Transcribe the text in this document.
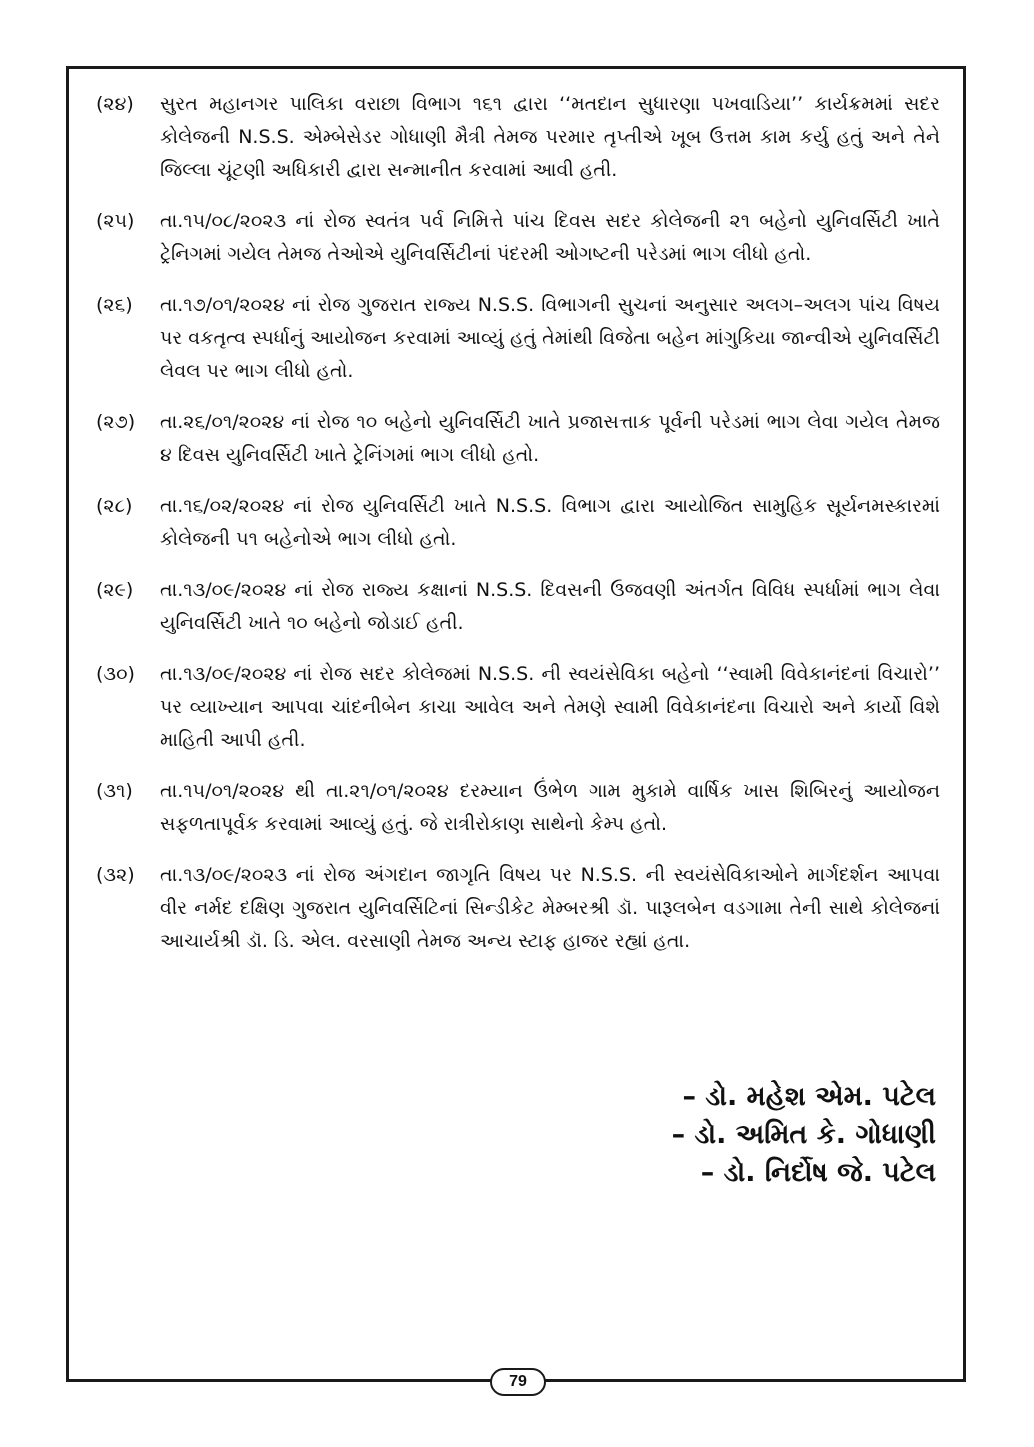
(૨૪)	સુરત મહાનગર પાલિકા વરાછા વિભાગ ૧૬૧ દ્વારા ‘‘મતદાન સુધારણા પખવાડિયા’’ કાર્યક્રમમાં સદર કોલેજની N.S.S. એમ્બેસેડર ગોધાણી મૈત્રી તેમજ પરમાર તૃપ્તીએ ખૂબ ઉત્તમ કામ કર્યુ હતું અને તેને જિલ્લા ચૂંટણી અધિકારી દ્વારા સન્માનીત કરવામાં આવી હતી.
(૨૫)	તા.૧૫/૦૮/૨૦૨૩ નાં રોજ સ્વતંત્ર પર્વ નિમિત્તે પાંચ દિવસ સદર કોલેજની ૨૧ બહેનો યુનિવર્સિટી ખાતે ટ્રેનિગમાં ગયેલ તેમજ તેઓએ યુનિવર્સિટીનાં પંદરમી ઓગષ્ટની પરેડમાં ભાગ લીધો હતો.
(૨૬)	તા.૧૭/૦૧/૨૦૨૪ નાં રોજ ગુજરાત રાજ્ય N.S.S. વિભાગની સુચનાં અનુસાર અલગ–અલગ પાંચ વિષય પર વકતૃત્વ સ્પર્ધાનું આયોજન કરવામાં આવ્યું હતું તેમાંથી વિજેતા બહેન માંગુકિયા જાન્વીએ યુનિવર્સિટી લેવલ પર ભાગ લીધો હતો.
(૨૭)	તા.૨૬/૦૧/૨૦૨૪ નાં રોજ ૧૦ બહેનો યુનિવર્સિટી ખાતે પ્રજાસત્તાક પૂર્વની પરેડમાં ભાગ લેવા ગયેલ તેમજ ૪ દિવસ યુનિવર્સિટી ખાતે ટ્રેનિંગમાં ભાગ લીધો હતો.
(૨૮)	તા.૧૬/૦૨/૨૦૨૪ નાં રોજ યુનિવર્સિટી ખાતે N.S.S. વિભાગ દ્વારા આયોજિત સામુહિક સૂર્યનમસ્કારમાં કોલેજની ૫૧ બહેનોએ ભાગ લીધો હતો.
(૨૯)	તા.૧૩/૦૯/૨૦૨૪ નાં રોજ રાજ્ય કક્ષાનાં N.S.S. દિવસની ઉજવણી અંતર્ગત વિવિધ સ્પર્ધામાં ભાગ લેવા યુનિવર્સિટી ખાતે ૧૦ બહેનો જોડાઈ હતી.
(૩૦)	તા.૧૩/૦૯/૨૦૨૪ નાં રોજ સદર કોલેજમાં N.S.S. ની સ્વયંસેવિકા બહેનો ‘‘સ્વામી વિવેકાનંદનાં વિચારો’’ પર વ્યાખ્યાન આપવા ચાંદનીબેન કાચા આવેલ અને તેમણે સ્વામી વિવેકાનંદના વિચારો અને કાર્યો વિશે માહિતી આપી હતી.
(૩૧)	તા.૧૫/૦૧/૨૦૨૪ થી તા.૨૧/૦૧/૨૦૨૪ દરમ્યાન ઉંભેળ ગામ મુકામે વાર્ષિક ખાસ શિબિરનું આયોજન સફળતાપૂર્વક કરવામાં આવ્યું હતું. જે રાત્રીરોકાણ સાથેનો કેમ્પ હતો.
(૩૨)	તા.૧૩/૦૯/૨૦૨૩ નાં રોજ અંગદાન જાગૃતિ વિષય પર N.S.S. ની સ્વયંસેવિકાઓને માર્ગદર્શન આપવા વીર નર્મદ દક્ષિણ ગુજરાત યુનિવર્સિટિનાં સિન્ડીકેટ મેમ્બરશ્રી ડૉ. પારૂલબેન વડગામા તેની સાથે કોલેજનાં આચાર્યશ્રી ડૉ. ડિ. એલ. વરસાણી તેમજ અન્ય સ્ટાફ હાજર રહ્યાં હતા.
– ડો. મહેશ એમ. પટેલ
– ડો. અમિત કે. ગોધાણી
– ડો. નિર્દોષ જે. પટેલ
79
